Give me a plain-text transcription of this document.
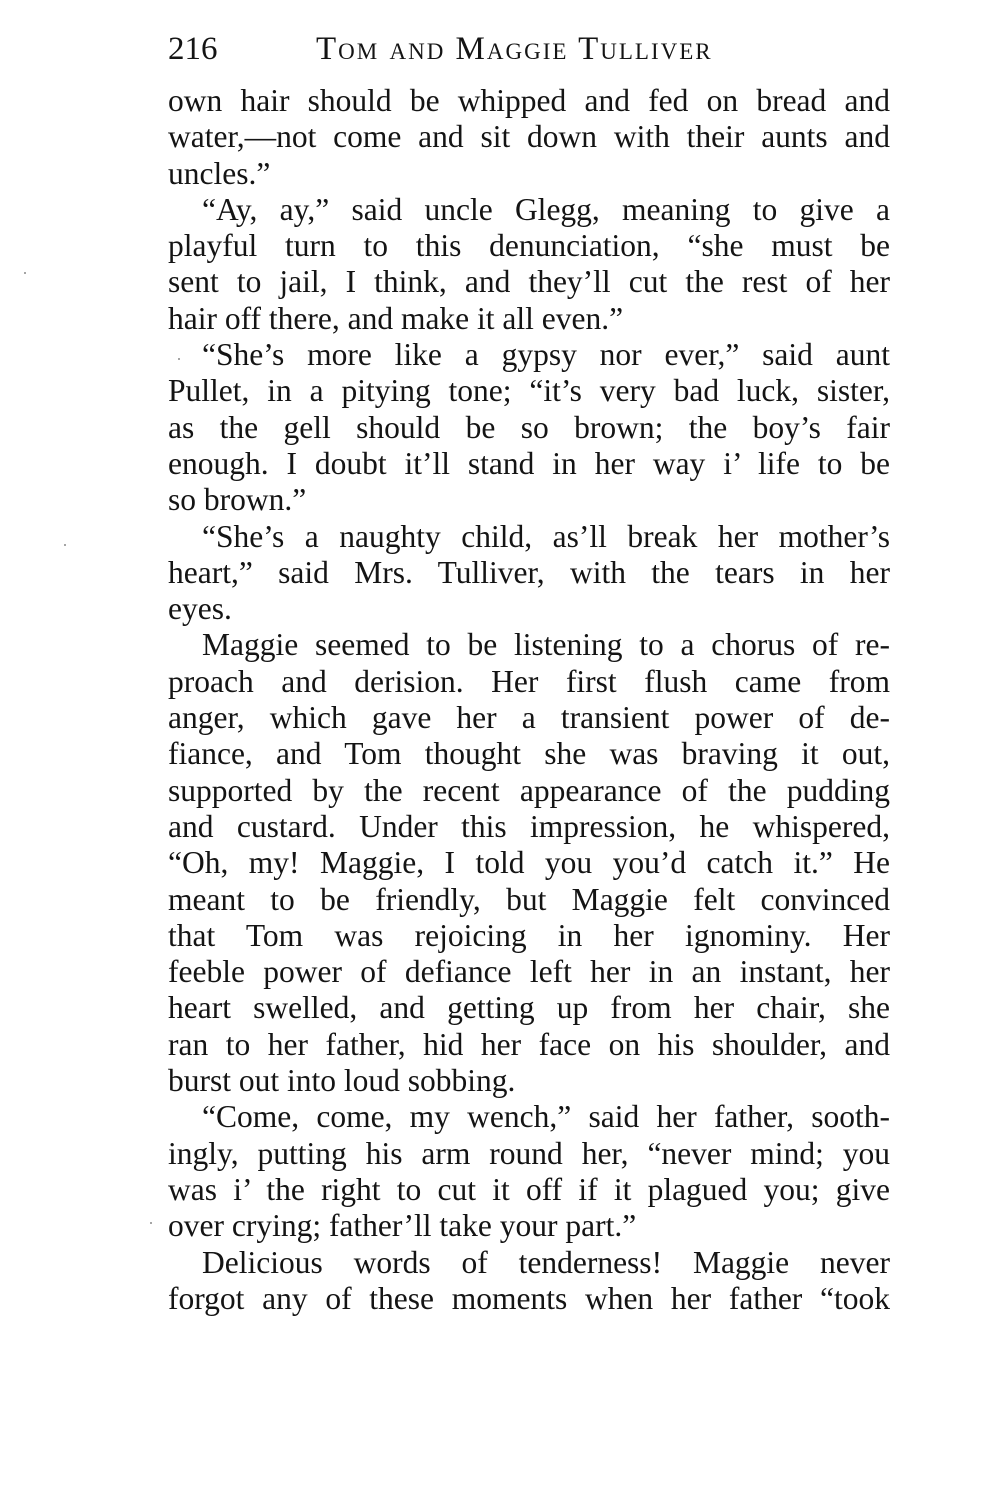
216	Tom and Maggie Tulliver
own hair should be whipped and fed on bread and
water,—not come and sit down with their aunts and
uncles.”
“Ay, ay,” said uncle Glegg, meaning to give a
playful turn to this denunciation, “she must be
sent to jail, I think, and they’ll cut the rest of her
hair off there, and make it all even.”
“She’s more like a gypsy nor ever,” said aunt
Pullet, in a pitying tone; “it’s very bad luck, sister,
as the gell should be so brown; the boy’s fair
enough. I doubt it’ll stand in her way i’ life to be
so brown.”
“She’s a naughty child, as’ll break her mother’s
heart,” said Mrs. Tulliver, with the tears in her
eyes.
Maggie seemed to be listening to a chorus of re-
proach and derision. Her first flush came from
anger, which gave her a transient power of de-
fiance, and Tom thought she was braving it out,
supported by the recent appearance of the pudding
and custard. Under this impression, he whispered,
“Oh, my! Maggie, I told you you’d catch it.” He
meant to be friendly, but Maggie felt convinced
that Tom was rejoicing in her ignominy. Her
feeble power of defiance left her in an instant, her
heart swelled, and getting up from her chair, she
ran to her father, hid her face on his shoulder, and
burst out into loud sobbing.
“Come, come, my wench,” said her father, sooth-
ingly, putting his arm round her, “never mind; you
was i’ the right to cut it off if it plagued you; give
over crying; father’ll take your part.”
Delicious words of tenderness! Maggie never
forgot any of these moments when her father “took
